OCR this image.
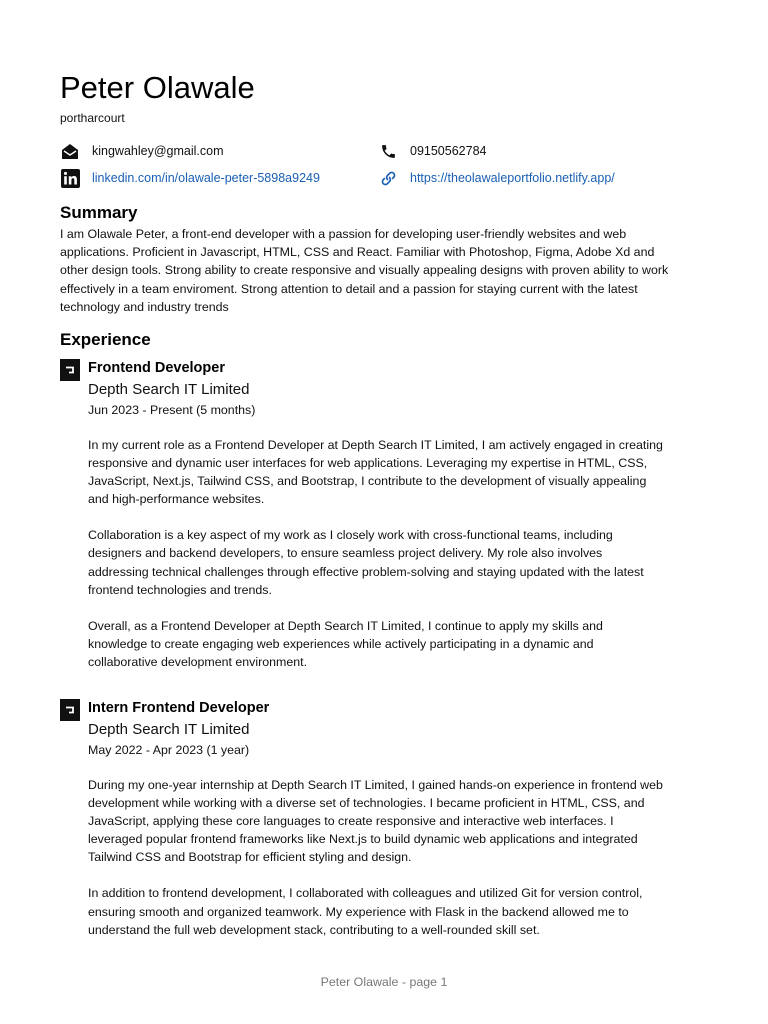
Peter Olawale
portharcourt
kingwahley@gmail.com	09150562784
linkedin.com/in/olawale-peter-5898a9249	https://theolawaleportfolio.netlify.app/
Summary

I am Olawale Peter, a front-end developer with a passion for developing user-friendly websites and web applications. Proficient in Javascript, HTML, CSS and React. Familiar with Photoshop, Figma, Adobe Xd and other design tools. Strong ability to create responsive and visually appealing designs with proven ability to work effectively in a team enviroment. Strong attention to detail and a passion for staying current with the latest technology and industry trends

Experience
Frontend Developer
Depth Search IT Limited
Jun 2023 - Present (5 months)

In my current role as a Frontend Developer at Depth Search IT Limited, I am actively engaged in creating responsive and dynamic user interfaces for web applications. Leveraging my expertise in HTML, CSS, JavaScript, Next.js, Tailwind CSS, and Bootstrap, I contribute to the development of visually appealing and high-performance websites.

Collaboration is a key aspect of my work as I closely work with cross-functional teams, including designers and backend developers, to ensure seamless project delivery. My role also involves addressing technical challenges through effective problem-solving and staying updated with the latest frontend technologies and trends.

Overall, as a Frontend Developer at Depth Search IT Limited, I continue to apply my skills and knowledge to create engaging web experiences while actively participating in a dynamic and collaborative development environment.

Intern Frontend Developer
Depth Search IT Limited
May 2022 - Apr 2023 (1 year)

During my one-year internship at Depth Search IT Limited, I gained hands-on experience in frontend web development while working with a diverse set of technologies. I became proficient in HTML, CSS, and JavaScript, applying these core languages to create responsive and interactive web interfaces. I leveraged popular frontend frameworks like Next.js to build dynamic web applications and integrated Tailwind CSS and Bootstrap for efficient styling and design.

In addition to frontend development, I collaborated with colleagues and utilized Git for version control, ensuring smooth and organized teamwork. My experience with Flask in the backend allowed me to understand the full web development stack, contributing to a well-rounded skill set.

Peter Olawale - page 1
